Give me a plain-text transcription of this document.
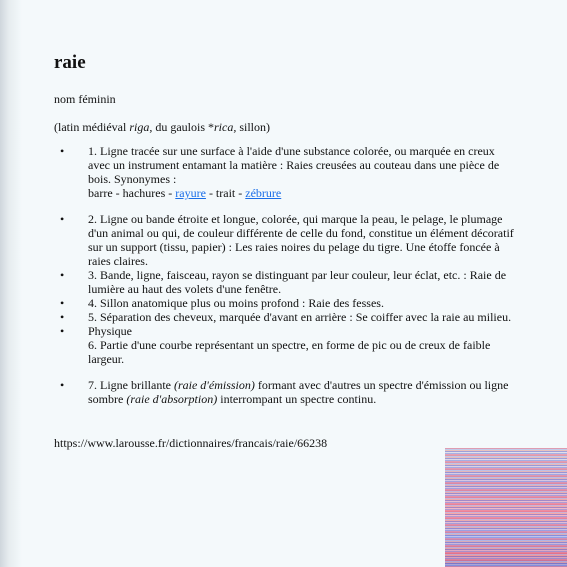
raie
nom féminin
(latin médiéval riga, du gaulois *rica, sillon)
• 1. Ligne tracée sur une surface à l'aide d'une substance colorée, ou marquée en creux avec un instrument entamant la matière : Raies creusées au couteau dans une pièce de bois. Synonymes :
barre - hachures - rayure - trait - zébrure
• 2. Ligne ou bande étroite et longue, colorée, qui marque la peau, le pelage, le plumage d'un animal ou qui, de couleur différente de celle du fond, constitue un élément décoratif sur un support (tissu, papier) : Les raies noires du pelage du tigre. Une étoffe foncée à raies claires.
• 3. Bande, ligne, faisceau, rayon se distinguant par leur couleur, leur éclat, etc. : Raie de lumière au haut des volets d'une fenêtre.
• 4. Sillon anatomique plus ou moins profond : Raie des fesses.
• 5. Séparation des cheveux, marquée d'avant en arrière : Se coiffer avec la raie au milieu.
• Physique
6. Partie d'une courbe représentant un spectre, en forme de pic ou de creux de faible largeur.
• 7. Ligne brillante (raie d'émission) formant avec d'autres un spectre d'émission ou ligne sombre (raie d'absorption) interrompant un spectre continu.
https://www.larousse.fr/dictionnaires/francais/raie/66238
